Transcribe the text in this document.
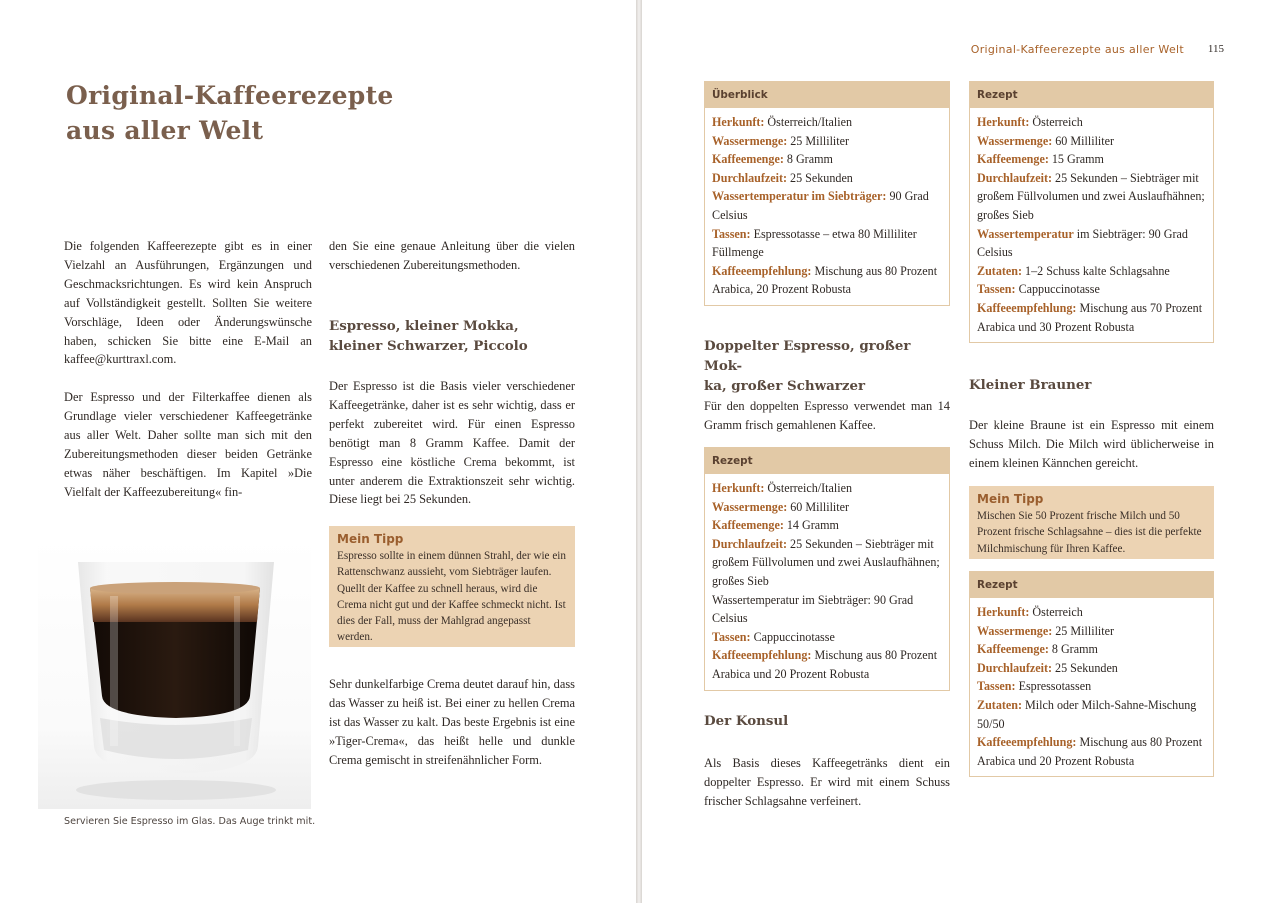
Original-Kaffeerezepte
aus aller Welt

Die folgenden Kaffeerezepte gibt es in einer Vielzahl an Ausführungen, Ergänzungen und Geschmacksrichtungen. Es wird kein Anspruch auf Vollständigkeit gestellt. Sollten Sie weitere Vorschläge, Ideen oder Änderungswünsche haben, schicken Sie bitte eine E-Mail an kaffee@kurttraxl.com.

Der Espresso und der Filterkaffee dienen als Grundlage vieler verschiedener Kaffeegetränke aus aller Welt. Daher sollte man sich mit den Zubereitungsmethoden dieser beiden Getränke etwas näher beschäftigen. Im Kapitel »Die Vielfalt der Kaffeezubereitung« fin-

Servieren Sie Espresso im Glas. Das Auge trinkt mit.

den Sie eine genaue Anleitung über die vielen verschiedenen Zubereitungsmethoden.

Espresso, kleiner Mokka,
kleiner Schwarzer, Piccolo
Der Espresso ist die Basis vieler verschiedener Kaffeegetränke, daher ist es sehr wichtig, dass er perfekt zubereitet wird. Für einen Espresso benötigt man 8 Gramm Kaffee. Damit der Espresso eine köstliche Crema bekommt, ist unter anderem die Extraktionszeit sehr wichtig. Diese liegt bei 25 Sekunden.
Mein Tipp
Espresso sollte in einem dünnen Strahl, der wie ein Rattenschwanz aussieht, vom Siebträger laufen. Quellt der Kaffee zu schnell heraus, wird die Crema nicht gut und der Kaffee schmeckt nicht. Ist dies der Fall, muss der Mahlgrad angepasst werden.
Sehr dunkelfarbige Crema deutet darauf hin, dass das Wasser zu heiß ist. Bei einer zu hellen Crema ist das Wasser zu kalt. Das beste Ergebnis ist eine »Tiger-Crema«, das heißt helle und dunkle Crema gemischt in streifenähnlicher Form.
Original-Kaffeerezepte aus aller Welt 115
Überblick
Herkunft: Österreich/Italien
Wassermenge: 25 Milliliter
Kaffeemenge: 8 Gramm
Durchlaufzeit: 25 Sekunden
Wassertemperatur im Siebträger: 90 Grad Celsius
Tassen: Espressotasse – etwa 80 Milliliter Füllmenge
Kaffeeempfehlung: Mischung aus 80 Prozent Arabica, 20 Prozent Robusta
Doppelter Espresso, großer Mok-
ka, großer Schwarzer
Für den doppelten Espresso verwendet man 14 Gramm frisch gemahlenen Kaffee.
Rezept
Herkunft: Österreich/Italien
Wassermenge: 60 Milliliter
Kaffeemenge: 14 Gramm
Durchlaufzeit: 25 Sekunden – Siebträger mit großem Füllvolumen und zwei Auslaufhähnen; großes Sieb
Wassertemperatur im Siebträger: 90 Grad Celsius
Tassen: Cappuccinotasse
Kaffeeempfehlung: Mischung aus 80 Prozent Arabica und 20 Prozent Robusta
Der Konsul
Als Basis dieses Kaffeegetränks dient ein doppelter Espresso. Er wird mit einem Schuss frischer Schlagsahne verfeinert.
Rezept
Herkunft: Österreich
Wassermenge: 60 Milliliter
Kaffeemenge: 15 Gramm
Durchlaufzeit: 25 Sekunden – Siebträger mit großem Füllvolumen und zwei Auslaufhähnen; großes Sieb
Wassertemperatur im Siebträger: 90 Grad Celsius
Zutaten: 1–2 Schuss kalte Schlagsahne
Tassen: Cappuccinotasse
Kaffeeempfehlung: Mischung aus 70 Prozent Arabica und 30 Prozent Robusta
Kleiner Brauner
Der kleine Braune ist ein Espresso mit einem Schuss Milch. Die Milch wird üblicherweise in einem kleinen Kännchen gereicht.
Mein Tipp
Mischen Sie 50 Prozent frische Milch und 50 Prozent frische Schlagsahne – dies ist die perfekte Milchmischung für Ihren Kaffee.
Rezept
Herkunft: Österreich
Wassermenge: 25 Milliliter
Kaffeemenge: 8 Gramm
Durchlaufzeit: 25 Sekunden
Tassen: Espressotassen
Zutaten: Milch oder Milch-Sahne-Mischung 50/50
Kaffeeempfehlung: Mischung aus 80 Prozent Arabica und 20 Prozent Robusta
